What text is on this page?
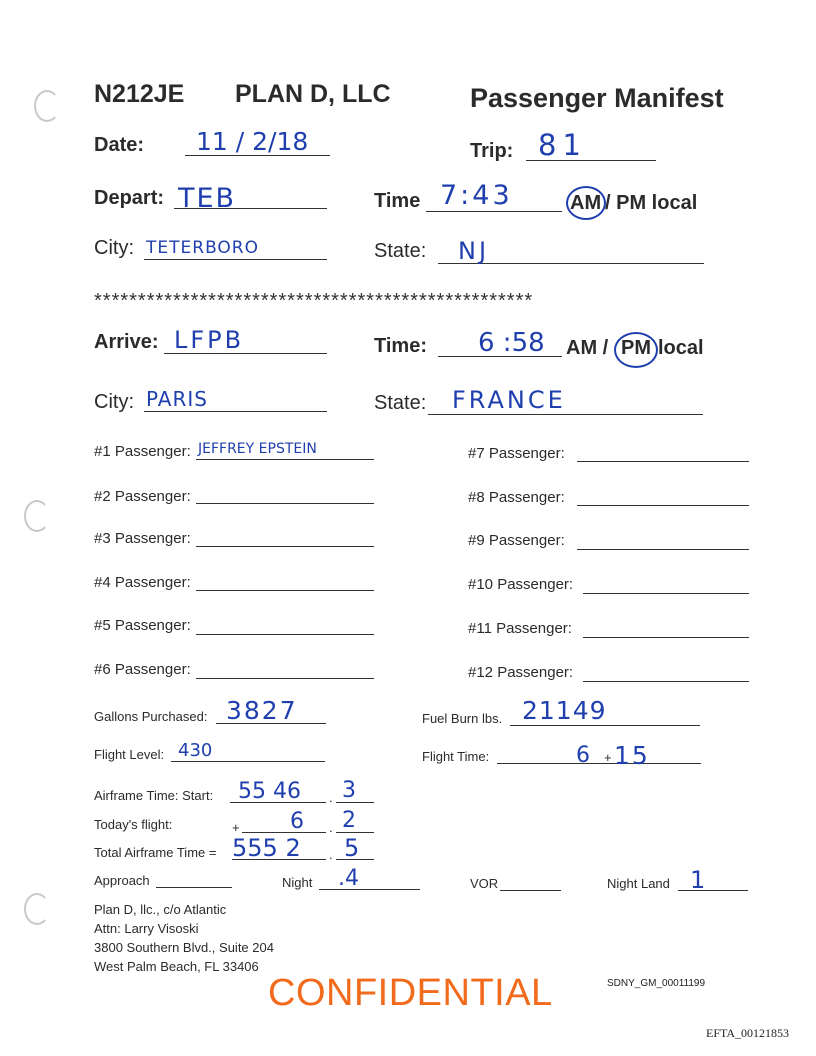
N212JE PLAN D, LLC	Passenger Manifest
Date: 11 / 2/18	Trip: 81
Depart: TEB	Time 7:43	AM / PM local
City: TETERBORO	State: NJ
**************************************************
Arrive: LFPB	Time: 6 :58 AM / PM local
City: PARIS	State: FRANCE
#1 Passenger: JEFFREY EPSTEIN
#2 Passenger:
#3 Passenger:
#4 Passenger:
#5 Passenger:
#6 Passenger:
#7 Passenger:
#8 Passenger:
#9 Passenger:
#10 Passenger:
#11 Passenger:
#12 Passenger:
Gallons Purchased: 3827	Fuel Burn lbs. 21149
Flight Level: 430	Flight Time:	6 + 15
Airframe Time: Start: 55 46 . 3
Today's flight:	+ 6 . 2
Total Airframe Time = 555 2 . 5
Approach	Night .4	VOR	Night Land 1
Plan D, llc., c/o Atlantic
Attn: Larry Visoski
3800 Southern Blvd., Suite 204
West Palm Beach, FL 33406
CONFIDENTIAL	SDNY_GM_00011199
EFTA_00121853
